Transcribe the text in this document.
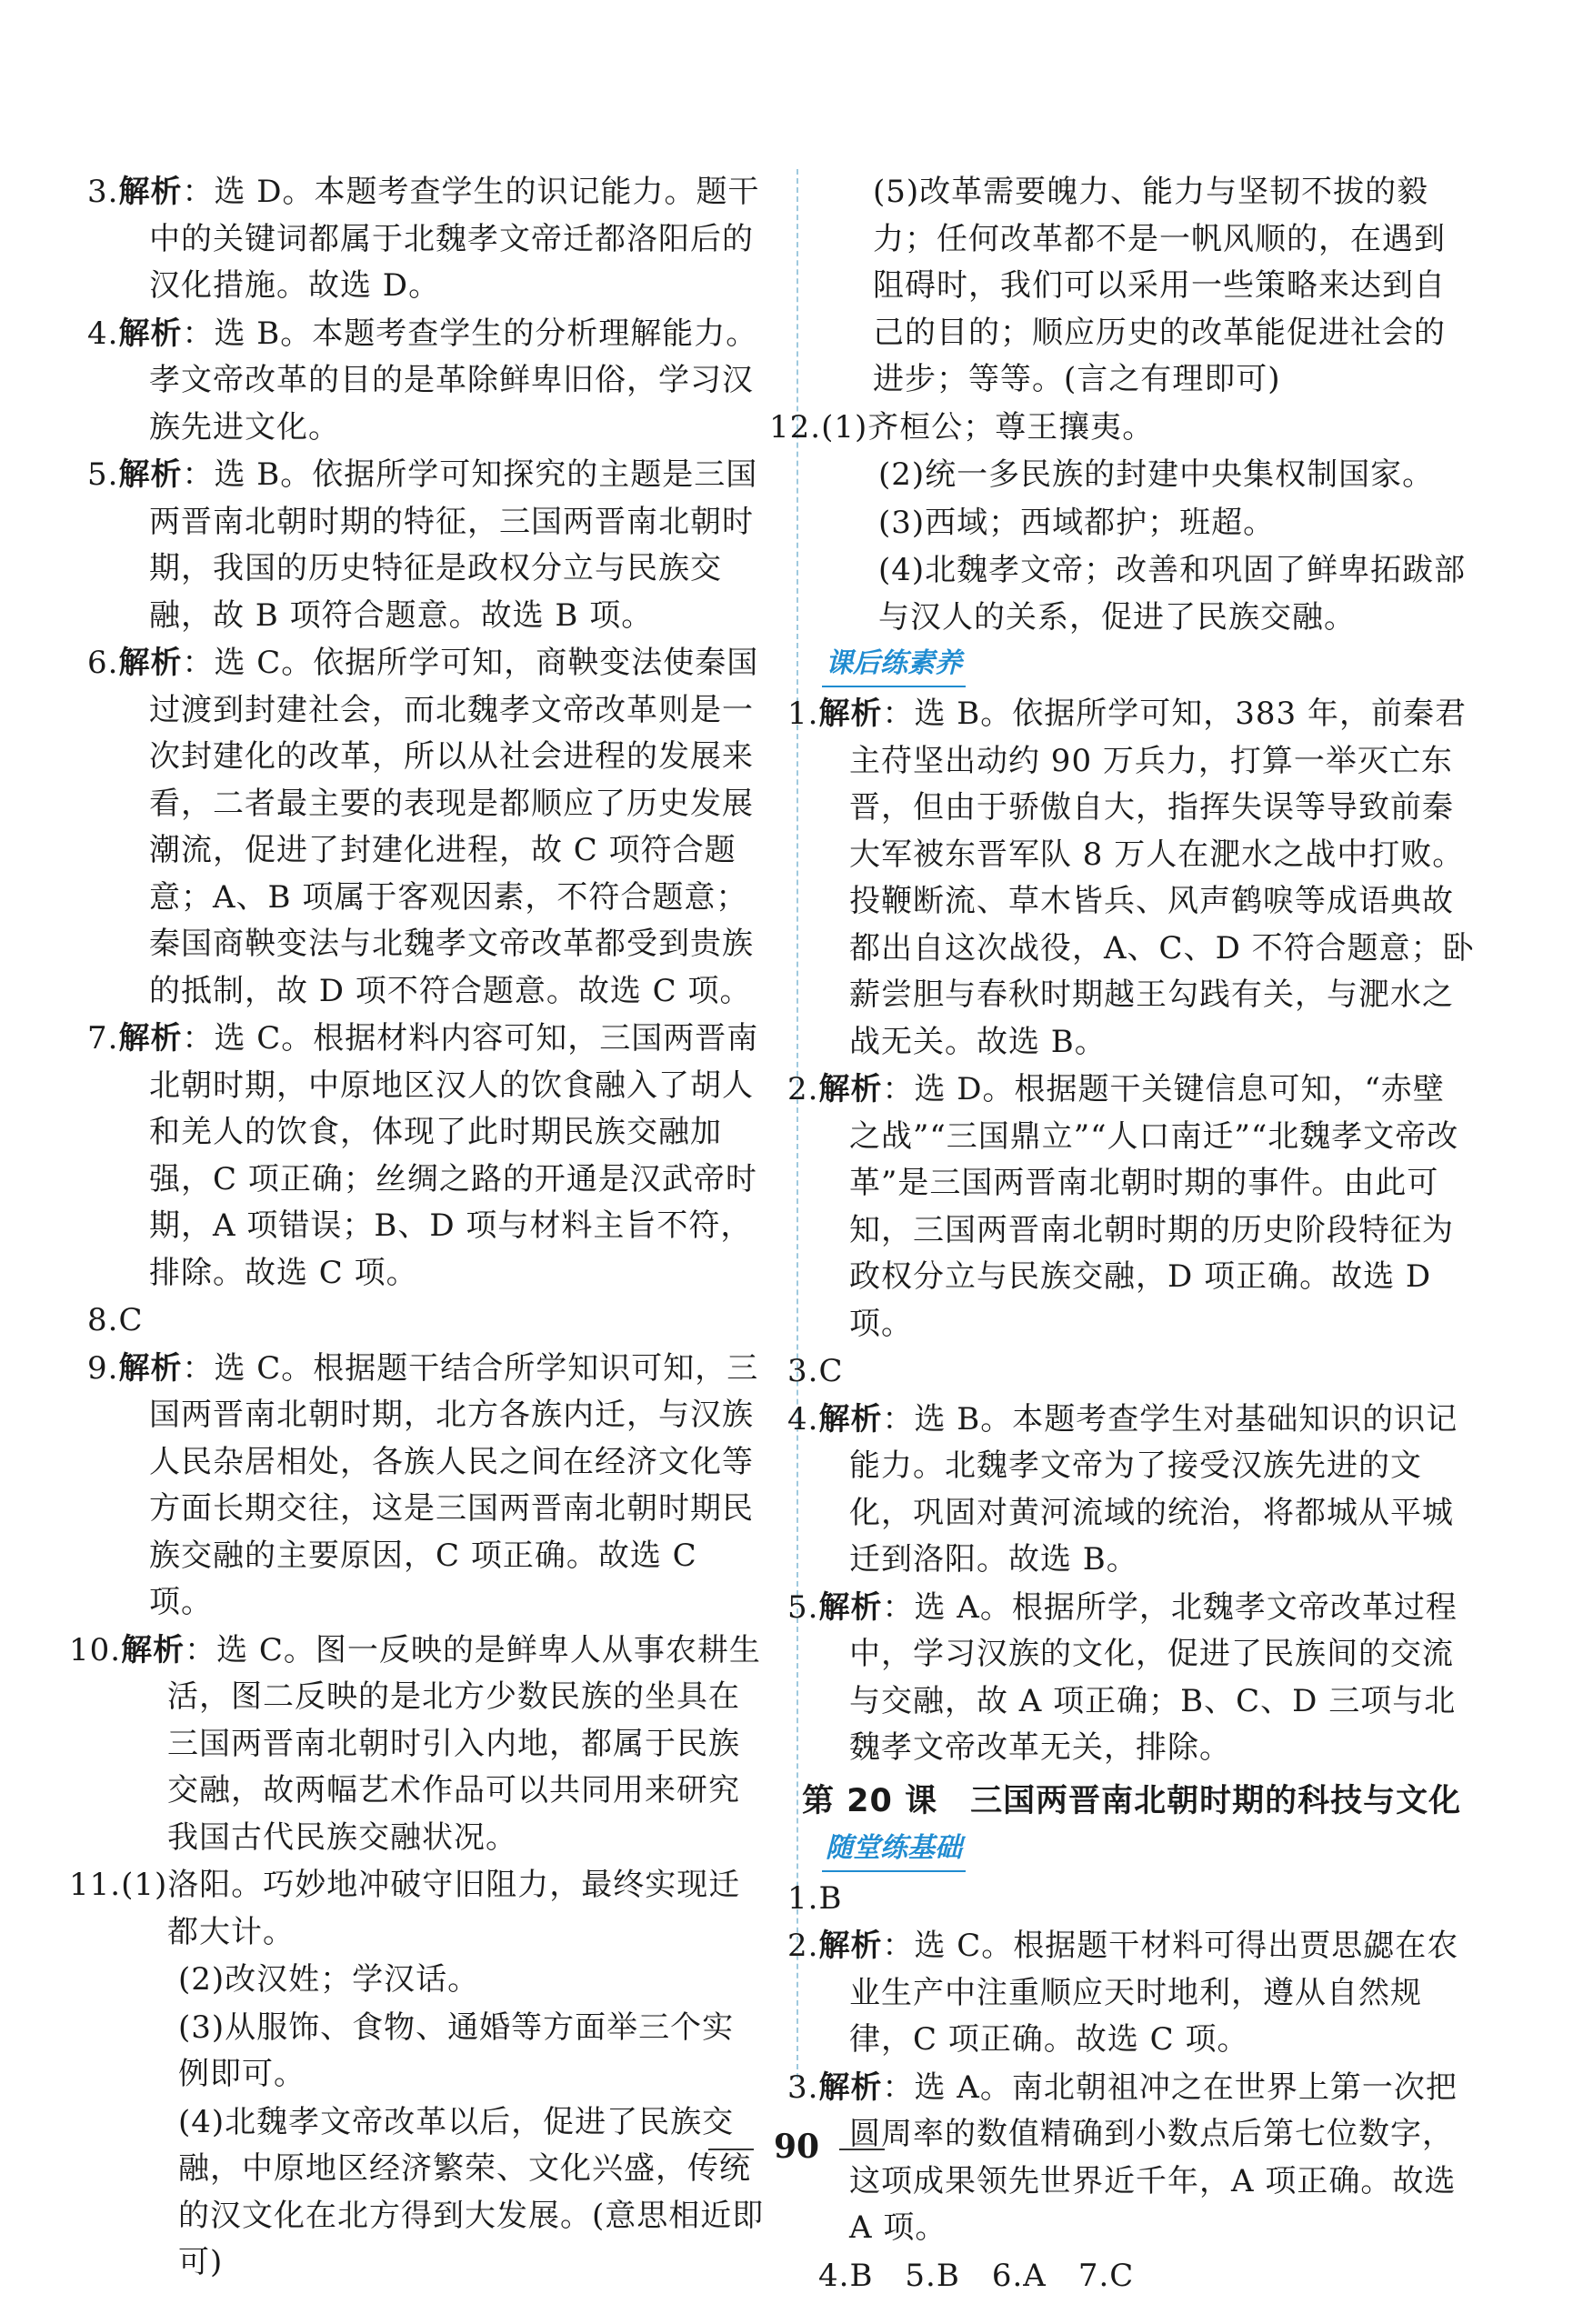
3.解析：选 D。本题考查学生的识记能力。题干中的关键词都属于北魏孝文帝迁都洛阳后的汉化措施。故选 D。
4.解析：选 B。本题考查学生的分析理解能力。孝文帝改革的目的是革除鲜卑旧俗，学习汉族先进文化。
5.解析：选 B。依据所学可知探究的主题是三国两晋南北朝时期的特征，三国两晋南北朝时期，我国的历史特征是政权分立与民族交融，故 B 项符合题意。故选 B 项。
6.解析：选 C。依据所学可知，商鞅变法使秦国过渡到封建社会，而北魏孝文帝改革则是一次封建化的改革，所以从社会进程的发展来看，二者最主要的表现是都顺应了历史发展潮流，促进了封建化进程，故 C 项符合题意；A、B 项属于客观因素，不符合题意；秦国商鞅变法与北魏孝文帝改革都受到贵族的抵制，故 D 项不符合题意。故选 C 项。
7.解析：选 C。根据材料内容可知，三国两晋南北朝时期，中原地区汉人的饮食融入了胡人和羌人的饮食，体现了此时期民族交融加强，C 项正确；丝绸之路的开通是汉武帝时期，A 项错误；B、D 项与材料主旨不符，排除。故选 C 项。
8.C
9.解析：选 C。根据题干结合所学知识可知，三国两晋南北朝时期，北方各族内迁，与汉族人民杂居相处，各族人民之间在经济文化等方面长期交往，这是三国两晋南北朝时期民族交融的主要原因，C 项正确。故选 C 项。
10.解析：选 C。图一反映的是鲜卑人从事农耕生活，图二反映的是北方少数民族的坐具在三国两晋南北朝时引入内地，都属于民族交融，故两幅艺术作品可以共同用来研究我国古代民族交融状况。
11.(1)洛阳。巧妙地冲破守旧阻力，最终实现迁都大计。
(2)改汉姓；学汉话。
(3)从服饰、食物、通婚等方面举三个实例即可。
(4)北魏孝文帝改革以后，促进了民族交融，中原地区经济繁荣、文化兴盛，传统的汉文化在北方得到大发展。(意思相近即可)
(5)改革需要魄力、能力与坚韧不拔的毅力；任何改革都不是一帆风顺的，在遇到阻碍时，我们可以采用一些策略来达到自己的目的；顺应历史的改革能促进社会的进步；等等。(言之有理即可)
12.(1)齐桓公；尊王攘夷。
(2)统一多民族的封建中央集权制国家。
(3)西域；西域都护；班超。
(4)北魏孝文帝；改善和巩固了鲜卑拓跋部与汉人的关系，促进了民族交融。
课后练素养
1.解析：选 B。依据所学可知，383 年，前秦君主苻坚出动约 90 万兵力，打算一举灭亡东晋，但由于骄傲自大，指挥失误等导致前秦大军被东晋军队 8 万人在淝水之战中打败。投鞭断流、草木皆兵、风声鹤唳等成语典故都出自这次战役，A、C、D 不符合题意；卧薪尝胆与春秋时期越王勾践有关，与淝水之战无关。故选 B。
2.解析：选 D。根据题干关键信息可知，“赤壁之战”“三国鼎立”“人口南迁”“北魏孝文帝改革”是三国两晋南北朝时期的事件。由此可知，三国两晋南北朝时期的历史阶段特征为政权分立与民族交融，D 项正确。故选 D 项。
3.C
4.解析：选 B。本题考查学生对基础知识的识记能力。北魏孝文帝为了接受汉族先进的文化，巩固对黄河流域的统治，将都城从平城迁到洛阳。故选 B。
5.解析：选 A。根据所学，北魏孝文帝改革过程中，学习汉族的文化，促进了民族间的交流与交融，故 A 项正确；B、C、D 三项与北魏孝文帝改革无关，排除。
第 20 课　三国两晋南北朝时期的科技与文化
随堂练基础
1.B
2.解析：选 C。根据题干材料可得出贾思勰在农业生产中注重顺应天时地利，遵从自然规律，C 项正确。故选 C 项。
3.解析：选 A。南北朝祖冲之在世界上第一次把圆周率的数值精确到小数点后第七位数字，这项成果领先世界近千年，A 项正确。故选 A 项。
4.B　5.B　6.A　7.C
90
